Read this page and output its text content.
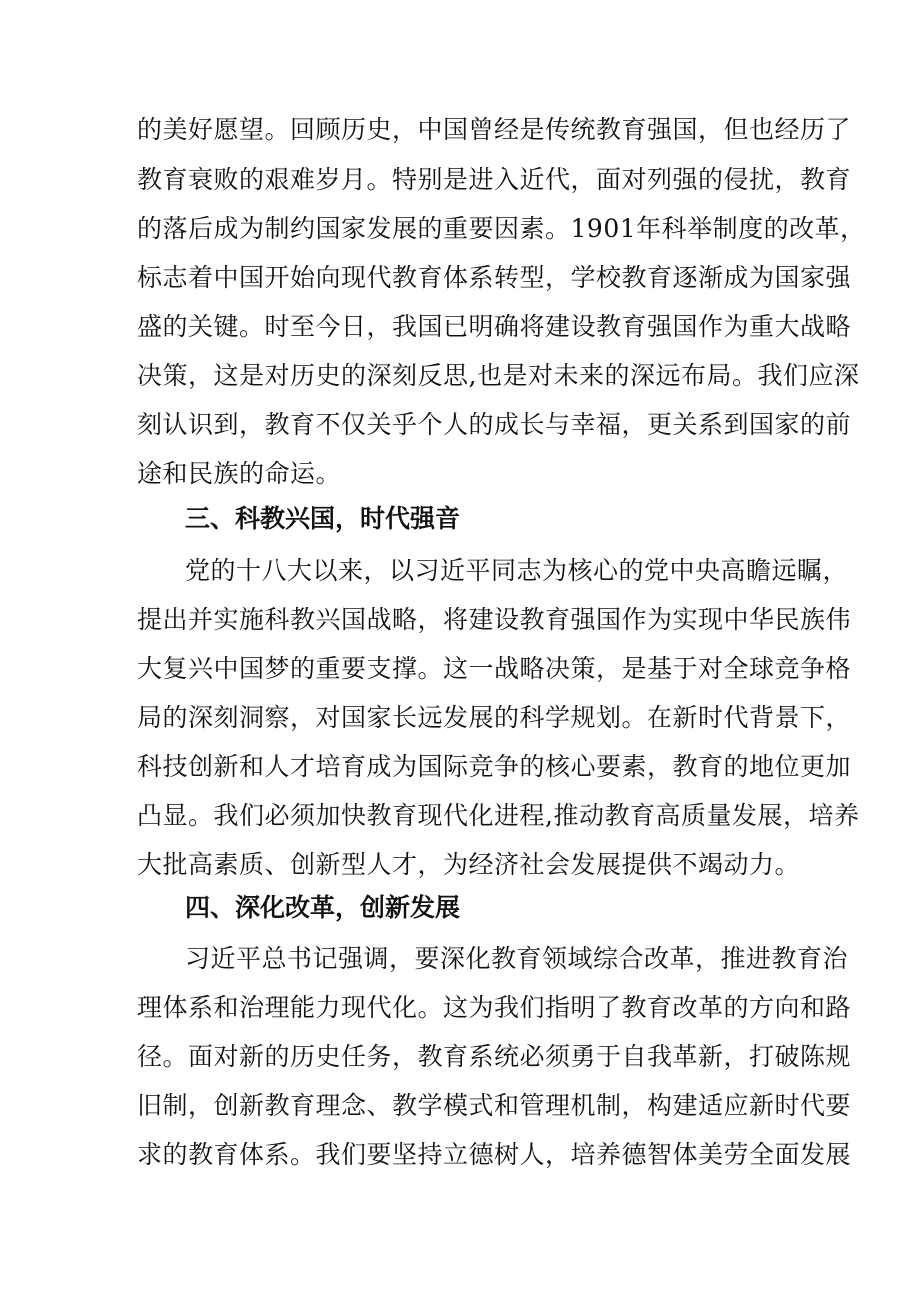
的美好愿望。回顾历史，中国曾经是传统教育强国，但也经历了
教育衰败的艰难岁月。特别是进入近代，面对列强的侵扰，教育
的落后成为制约国家发展的重要因素。1901年科举制度的改革，
标志着中国开始向现代教育体系转型，学校教育逐渐成为国家强
盛的关键。时至今日，我国已明确将建设教育强国作为重大战略
决策，这是对历史的深刻反思,也是对未来的深远布局。我们应深
刻认识到，教育不仅关乎个人的成长与幸福，更关系到国家的前
途和民族的命运。
三、科教兴国，时代强音
党的十八大以来，以习近平同志为核心的党中央高瞻远瞩，
提出并实施科教兴国战略，将建设教育强国作为实现中华民族伟
大复兴中国梦的重要支撑。这一战略决策，是基于对全球竞争格
局的深刻洞察，对国家长远发展的科学规划。在新时代背景下，
科技创新和人才培育成为国际竞争的核心要素，教育的地位更加
凸显。我们必须加快教育现代化进程,推动教育高质量发展，培养
大批高素质、创新型人才，为经济社会发展提供不竭动力。
四、深化改革，创新发展
习近平总书记强调，要深化教育领域综合改革，推进教育治
理体系和治理能力现代化。这为我们指明了教育改革的方向和路
径。面对新的历史任务，教育系统必须勇于自我革新，打破陈规
旧制，创新教育理念、教学模式和管理机制，构建适应新时代要
求的教育体系。我们要坚持立德树人，培养德智体美劳全面发展
